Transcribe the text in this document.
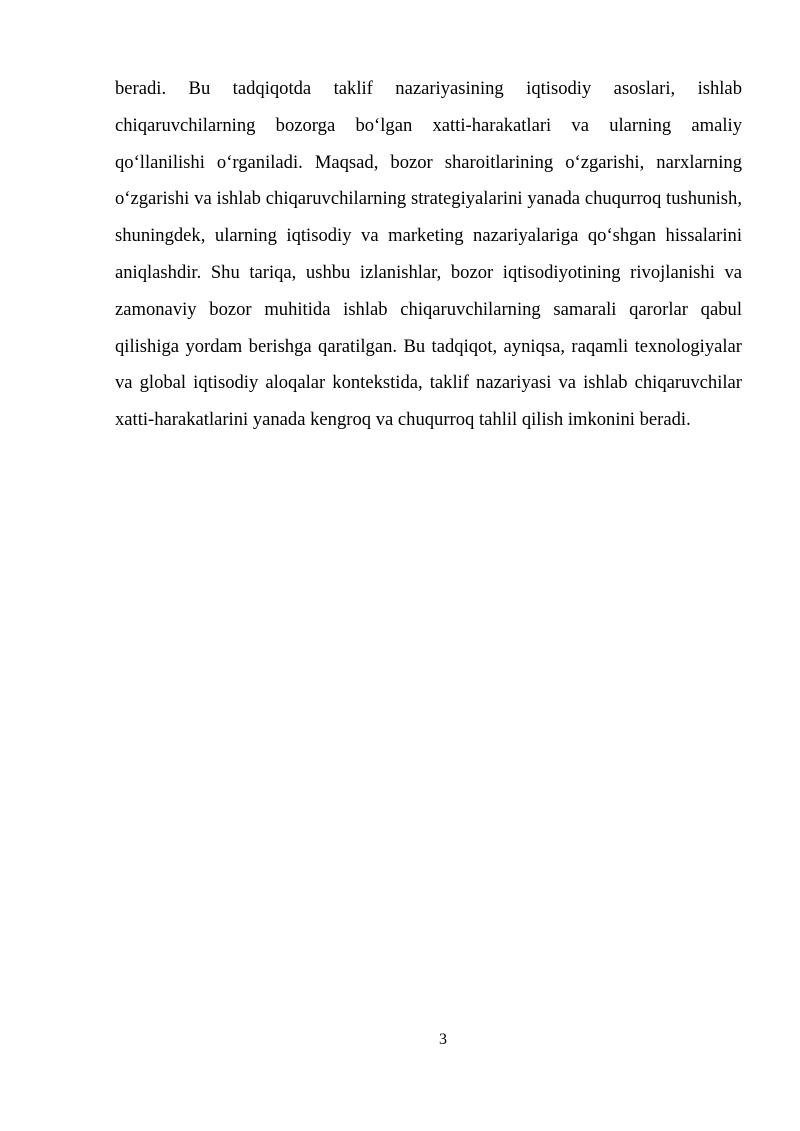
beradi. Bu tadqiqotda taklif nazariyasining iqtisodiy asoslari, ishlab chiqaruvchilarning bozorga bo‘lgan xatti-harakatlari va ularning amaliy qo‘llanilishi o‘rganiladi. Maqsad, bozor sharoitlarining o‘zgarishi, narxlarning o‘zgarishi va ishlab chiqaruvchilarning strategiyalarini yanada chuqurroq tushunish, shuningdek, ularning iqtisodiy va marketing nazariyalariga qo‘shgan hissalarini aniqlashdir. Shu tariqa, ushbu izlanishlar, bozor iqtisodiyotining rivojlanishi va zamonaviy bozor muhitida ishlab chiqaruvchilarning samarali qarorlar qabul qilishiga yordam berishga qaratilgan. Bu tadqiqot, ayniqsa, raqamli texnologiyalar va global iqtisodiy aloqalar kontekstida, taklif nazariyasi va ishlab chiqaruvchilar xatti-harakatlarini yanada kengroq va chuqurroq tahlil qilish imkonini beradi.

3
